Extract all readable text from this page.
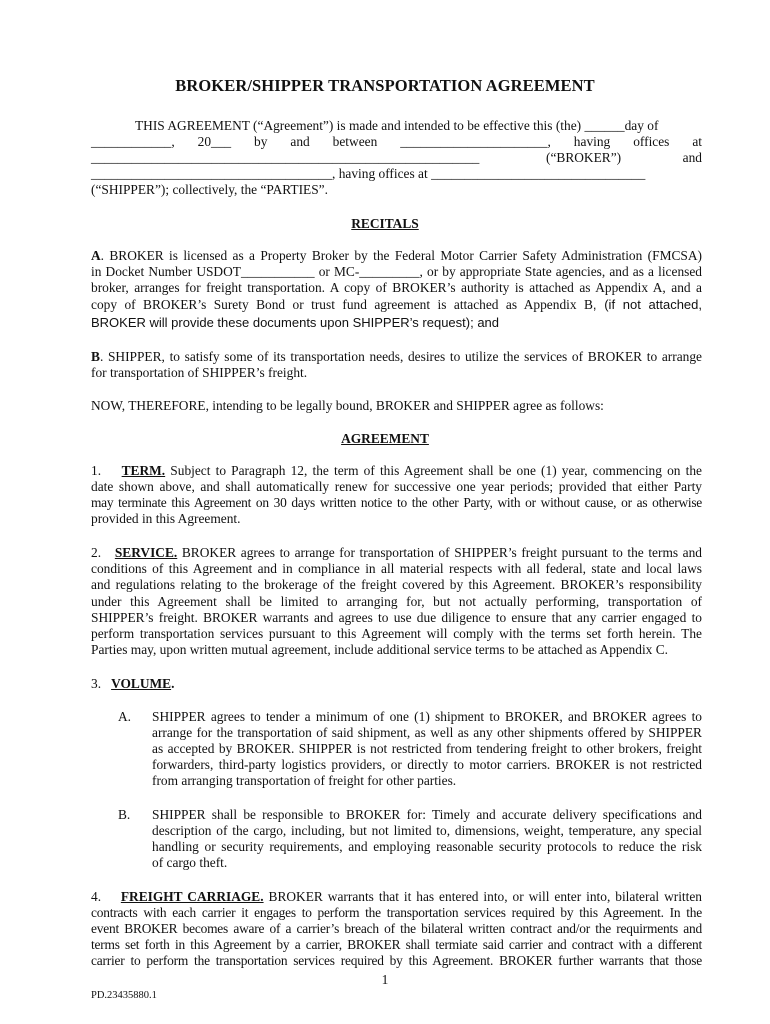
BROKER/SHIPPER TRANSPORTATION AGREEMENT
THIS AGREEMENT (“Agreement”) is made and intended to be effective this (the) ______day of
____________, 20___ by and between ______________________, having offices at
__________________________________________________________	(“BROKER”)	and
____________________________________, having offices at ________________________________
(“SHIPPER”); collectively, the “PARTIES”.
RECITALS
A. BROKER is licensed as a Property Broker by the Federal Motor Carrier Safety Administration (FMCSA)
in Docket Number USDOT___________ or MC-_________, or by appropriate State agencies, and as a licensed
broker, arranges for freight transportation. A copy of BROKER’s authority is attached as Appendix A, and a
copy of BROKER’s Surety Bond or trust fund agreement is attached as Appendix B, (if not attached,
BROKER will provide these documents upon SHIPPER’s request); and
B. SHIPPER, to satisfy some of its transportation needs, desires to utilize the services of BROKER to arrange
for transportation of SHIPPER’s freight.
NOW, THEREFORE, intending to be legally bound, BROKER and SHIPPER agree as follows:
AGREEMENT
1. TERM. Subject to Paragraph 12, the term of this Agreement shall be one (1) year, commencing on the
date shown above, and shall automatically renew for successive one year periods; provided that either Party
may terminate this Agreement on 30 days written notice to the other Party, with or without cause, or as otherwise
provided in this Agreement.
2. SERVICE. BROKER agrees to arrange for transportation of SHIPPER’s freight pursuant to the terms and
conditions of this Agreement and in compliance in all material respects with all federal, state and local laws
and regulations relating to the brokerage of the freight covered by this Agreement. BROKER’s responsibility
under this Agreement shall be limited to arranging for, but not actually performing, transportation of
SHIPPER’s freight. BROKER warrants and agrees to use due diligence to ensure that any carrier engaged to
perform transportation services pursuant to this Agreement will comply with the terms set forth herein. The
Parties may, upon written mutual agreement, include additional service terms to be attached as Appendix C.
3. VOLUME.
A. SHIPPER agrees to tender a minimum of one (1) shipment to BROKER, and BROKER agrees to
arrange for the transportation of said shipment, as well as any other shipments offered by SHIPPER
as accepted by BROKER. SHIPPER is not restricted from tendering freight to other brokers, freight
forwarders, third-party logistics providers, or directly to motor carriers. BROKER is not restricted
from arranging transportation of freight for other parties.
B. SHIPPER shall be responsible to BROKER for: Timely and accurate delivery specifications and
description of the cargo, including, but not limited to, dimensions, weight, temperature, any special
handling or security requirements, and employing reasonable security protocols to reduce the risk
of cargo theft.
4. FREIGHT CARRIAGE. BROKER warrants that it has entered into, or will enter into, bilateral written
contracts with each carrier it engages to perform the transportation services required by this Agreement. In the
event BROKER becomes aware of a carrier’s breach of the bilateral written contract and/or the requirments and
terms set forth in this Agreement by a carrier, BROKER shall termiate said carrier and contract with a different
carrier to perform the transportation services required by this Agreement. BROKER further warrants that those
1
PD.23435880.1
